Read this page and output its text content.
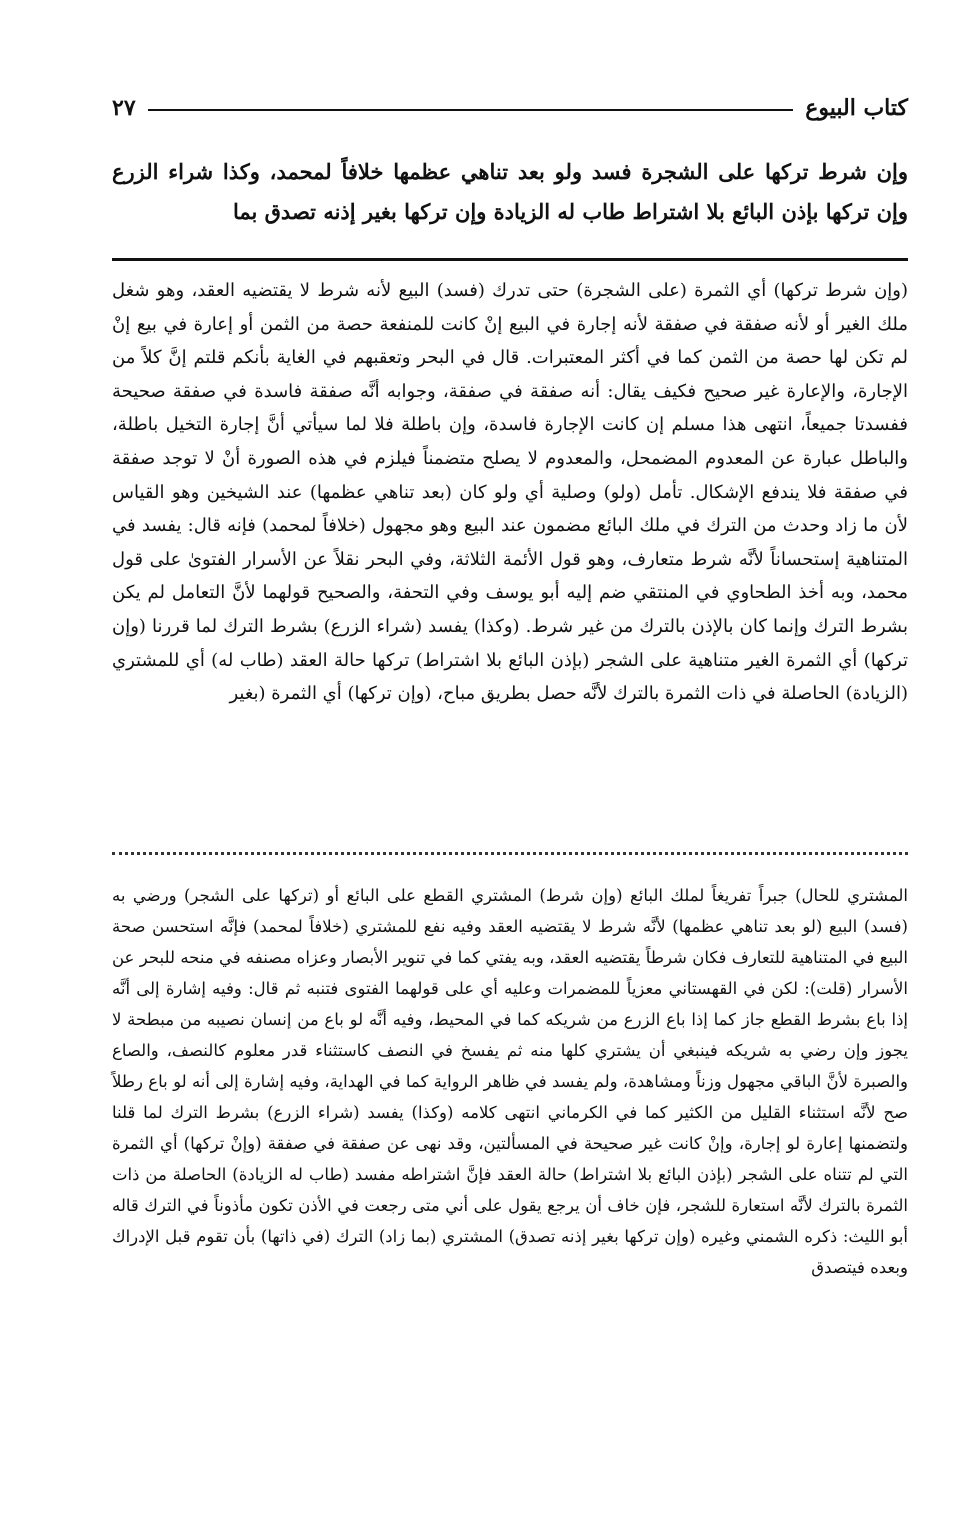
كتاب البيوع
٢٧

وإن شرط تركها على الشجرة فسد ولو بعد تناهي عظمها خلافاً لمحمد، وكذا شراء الزرع وإن تركها بإذن البائع بلا اشتراط طاب له الزيادة وإن تركها بغير إذنه تصدق بما

(وإن شرط تركها) أي الثمرة (على الشجرة) حتى تدرك (فسد) البيع لأنه شرط لا يقتضيه العقد، وهو شغل ملك الغير أو لأنه صفقة في صفقة لأنه إجارة في البيع إنْ كانت للمنفعة حصة من الثمن أو إعارة في بيع إنْ لم تكن لها حصة من الثمن كما في أكثر المعتبرات. قال في البحر وتعقبهم في الغاية بأنكم قلتم إنَّ كلاً من الإجارة، والإعارة غير صحيح فكيف يقال: أنه صفقة في صفقة، وجوابه أنَّه صفقة فاسدة في صفقة صحيحة ففسدتا جميعاً، انتهى هذا مسلم إن كانت الإجارة فاسدة، وإن باطلة فلا لما سيأتي أنَّ إجارة التخيل باطلة، والباطل عبارة عن المعدوم المضمحل، والمعدوم لا يصلح متضمناً فيلزم في هذه الصورة أنْ لا توجد صفقة في صفقة فلا يندفع الإشكال. تأمل (ولو) وصلية أي ولو كان (بعد تناهي عظمها) عند الشيخين وهو القياس لأن ما زاد وحدث من الترك في ملك البائع مضمون عند البيع وهو مجهول (خلافاً لمحمد) فإنه قال: يفسد في المتناهية إستحساناً لأنَّه شرط متعارف، وهو قول الأئمة الثلاثة، وفي البحر نقلاً عن الأسرار الفتوىٰ على قول محمد، وبه أخذ الطحاوي في المنتقي ضم إليه أبو يوسف وفي التحفة، والصحيح قولهما لأنَّ التعامل لم يكن بشرط الترك وإنما كان بالإذن بالترك من غير شرط. (وكذا) يفسد (شراء الزرع) بشرط الترك لما قررنا (وإن تركها) أي الثمرة الغير متناهية على الشجر (بإذن البائع بلا اشتراط) تركها حالة العقد (طاب له) أي للمشتري (الزيادة) الحاصلة في ذات الثمرة بالترك لأنَّه حصل بطريق مباح، (وإن تركها) أي الثمرة (بغير

المشتري للحال) جبراً تفريغاً لملك البائع (وإن شرط) المشتري القطع على البائع أو (تركها على الشجر) ورضي به (فسد) البيع (لو بعد تناهي عظمها) لأنَّه شرط لا يقتضيه العقد وفيه نفع للمشتري (خلافاً لمحمد) فإنَّه استحسن صحة البيع في المتناهية للتعارف فكان شرطاً يقتضيه العقد، وبه يفتي كما في تنوير الأبصار وعزاه مصنفه في منحه للبحر عن الأسرار (قلت): لكن في القهستاني معزياً للمضمرات وعليه أي على قولهما الفتوى فتنبه ثم قال: وفيه إشارة إلى أنَّه إذا باع بشرط القطع جاز كما إذا باع الزرع من شريكه كما في المحيط، وفيه أنَّه لو باع من إنسان نصيبه من مبطحة لا يجوز وإن رضي به شريكه فينبغي أن يشتري كلها منه ثم يفسخ في النصف كاستثناء قدر معلوم كالنصف، والصاع والصبرة لأنَّ الباقي مجهول وزناً ومشاهدة، ولم يفسد في ظاهر الرواية كما في الهداية، وفيه إشارة إلى أنه لو باع رطلاً صح لأنَّه استثناء القليل من الكثير كما في الكرماني انتهى كلامه (وكذا) يفسد (شراء الزرع) بشرط الترك لما قلنا ولتضمنها إعارة لو إجارة، وإنْ كانت غير صحيحة في المسألتين، وقد نهى عن صفقة في صفقة (وإنْ تركها) أي الثمرة التي لم تتناه على الشجر (بإذن البائع بلا اشتراط) حالة العقد فإنَّ اشتراطه مفسد (طاب له الزيادة) الحاصلة من ذات الثمرة بالترك لأنَّه استعارة للشجر، فإن خاف أن يرجع يقول على أني متى رجعت في الأذن تكون مأذوناً في الترك قاله أبو الليث: ذكره الشمني وغيره (وإن تركها بغير إذنه تصدق) المشتري (بما زاد) الترك (في ذاتها) بأن تقوم قبل الإدراك وبعده فيتصدق
